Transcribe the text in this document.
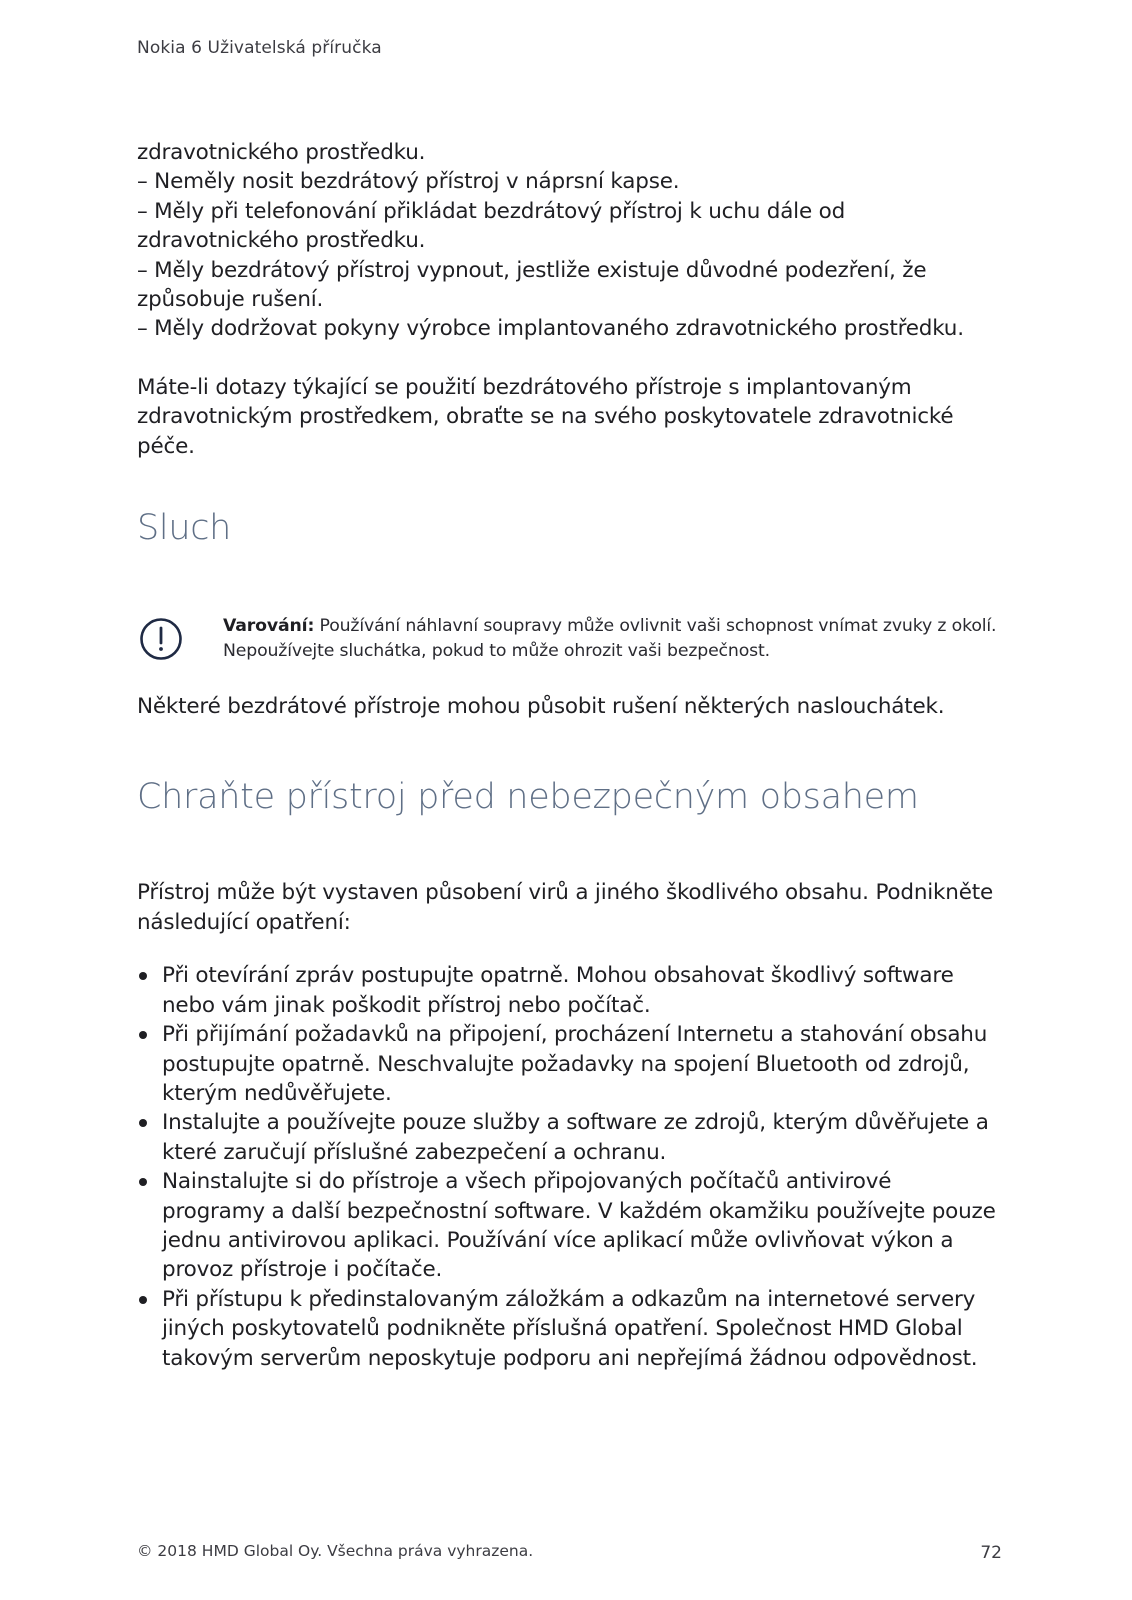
Nokia 6 Uživatelská příručka

zdravotnického prostředku.

– Neměly nosit bezdrátový přístroj v náprsní kapse.

– Měly při telefonování přikládat bezdrátový přístroj k uchu dále od zdravotnického prostředku.

– Měly bezdrátový přístroj vypnout, jestliže existuje důvodné podezření, že způsobuje rušení.

– Měly dodržovat pokyny výrobce implantovaného zdravotnického prostředku.

Máte-li dotazy týkající se použití bezdrátového přístroje s implantovaným zdravotnickým prostředkem, obraťte se na svého poskytovatele zdravotnické péče.

Sluch
Varování: Používání náhlavní soupravy může ovlivnit vaši schopnost vnímat zvuky z okolí. Nepoužívejte sluchátka, pokud to může ohrozit vaši bezpečnost.

Některé bezdrátové přístroje mohou působit rušení některých naslouchátek.

Chraňte přístroj před nebezpečným obsahem

Přístroj může být vystaven působení virů a jiného škodlivého obsahu. Podnikněte následující opatření:

Při otevírání zpráv postupujte opatrně. Mohou obsahovat škodlivý software nebo vám jinak poškodit přístroj nebo počítač.
Při přijímání požadavků na připojení, procházení Internetu a stahování obsahu postupujte opatrně. Neschvalujte požadavky na spojení Bluetooth od zdrojů, kterým nedůvěřujete.
Instalujte a používejte pouze služby a software ze zdrojů, kterým důvěřujete a které zaručují příslušné zabezpečení a ochranu.
Nainstalujte si do přístroje a všech připojovaných počítačů antivirové programy a další bezpečnostní software. V každém okamžiku používejte pouze jednu antivirovou aplikaci. Používání více aplikací může ovlivňovat výkon a provoz přístroje i počítače.
Při přístupu k předinstalovaným záložkám a odkazům na internetové servery jiných poskytovatelů podnikněte příslušná opatření. Společnost HMD Global takovým serverům neposkytuje podporu ani nepřejímá žádnou odpovědnost.
© 2018 HMD Global Oy. Všechna práva vyhrazena.	72
